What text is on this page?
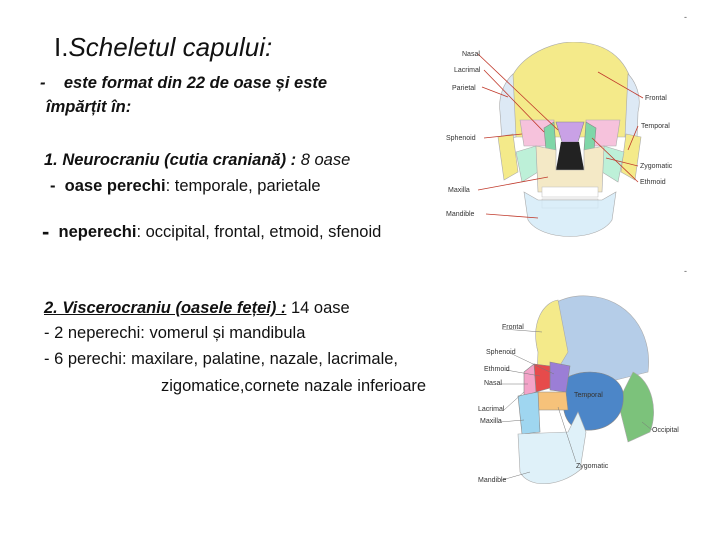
-
-
I.Scheletul capului:
- este format din 22 de oase și este
împărțit în:
1. Neurocraniu (cutia craniană) : 8 oase
- oase perechi: temporale, parietale
- neperechi: occipital, frontal, etmoid, sfenoid
2. Viscerocraniu (oasele feței) : 14 oase
- 2 neperechi: vomerul și mandibula
- 6 perechi: maxilare, palatine, nazale, lacrimale,
zigomatice,cornete nazale inferioare
Nasal
Lacrimal
Parietal
Sphenoid
Maxilla
Mandible
Frontal
Temporal
Zygomatic
Ethmoid
Frontal
Sphenoid
Ethmoid
Nasal
Lacrimal
Maxilla
Mandible
Temporal
Zygomatic
Occipital
